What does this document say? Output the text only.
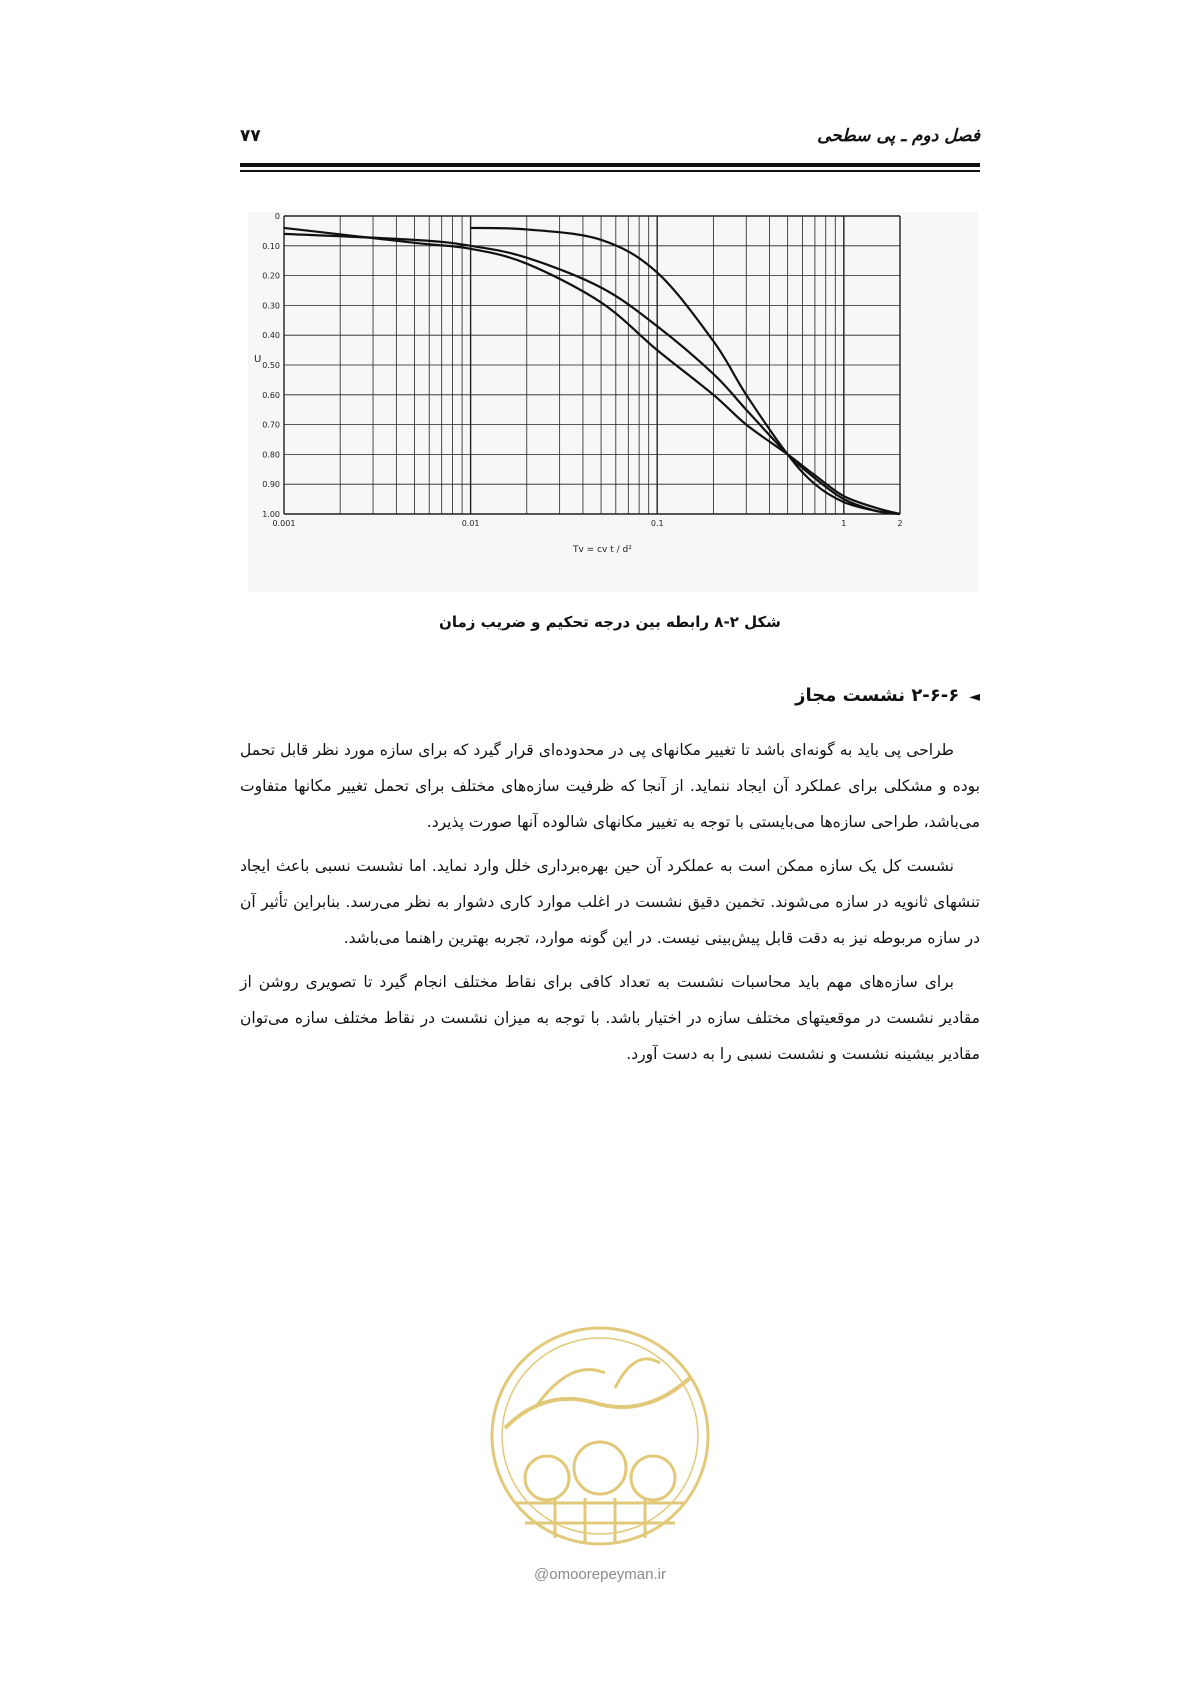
فصل دوم ـ پی سطحی
۷۷
0
0.10
0.20
0.30
0.40
0.50
0.60
0.70
0.80
0.90
1.00
0.001	0.01	0.1	1	2
U
Tv = cv t / d²
شکل ۲-۸ رابطه بین درجه تحکیم و ضریب زمان
◄۲-۶-۶ نشست مجاز

طراحی پی باید به گونه‌ای باشد تا تغییر مکانهای پی در محدوده‌ای قرار گیرد که برای سازه مورد نظر قابل تحمل بوده و مشکلی برای عملکرد آن ایجاد ننماید. از آنجا که ظرفیت سازه‌های مختلف برای تحمل تغییر مکانها متفاوت می‌باشد، طراحی سازه‌ها می‌بایستی با توجه به تغییر مکانهای شالوده آنها صورت پذیرد.

نشست کل یک سازه ممکن است به عملکرد آن حین بهره‌برداری خلل وارد نماید. اما نشست نسبی باعث ایجاد تنشهای ثانویه در سازه می‌شوند. تخمین دقیق نشست در اغلب موارد کاری دشوار به نظر می‌رسد. بنابراین تأثیر آن در سازه مربوطه نیز به دقت قابل پیش‌بینی نیست. در این گونه موارد، تجربه بهترین راهنما می‌باشد.

برای سازه‌های مهم باید محاسبات نشست به تعداد کافی برای نقاط مختلف انجام گیرد تا تصویری روشن از مقادیر نشست در موقعیتهای مختلف سازه در اختیار باشد. با توجه به میزان نشست در نقاط مختلف سازه می‌توان مقادیر بیشینه نشست و نشست نسبی را به دست آورد.

@omoorepeyman.ir
